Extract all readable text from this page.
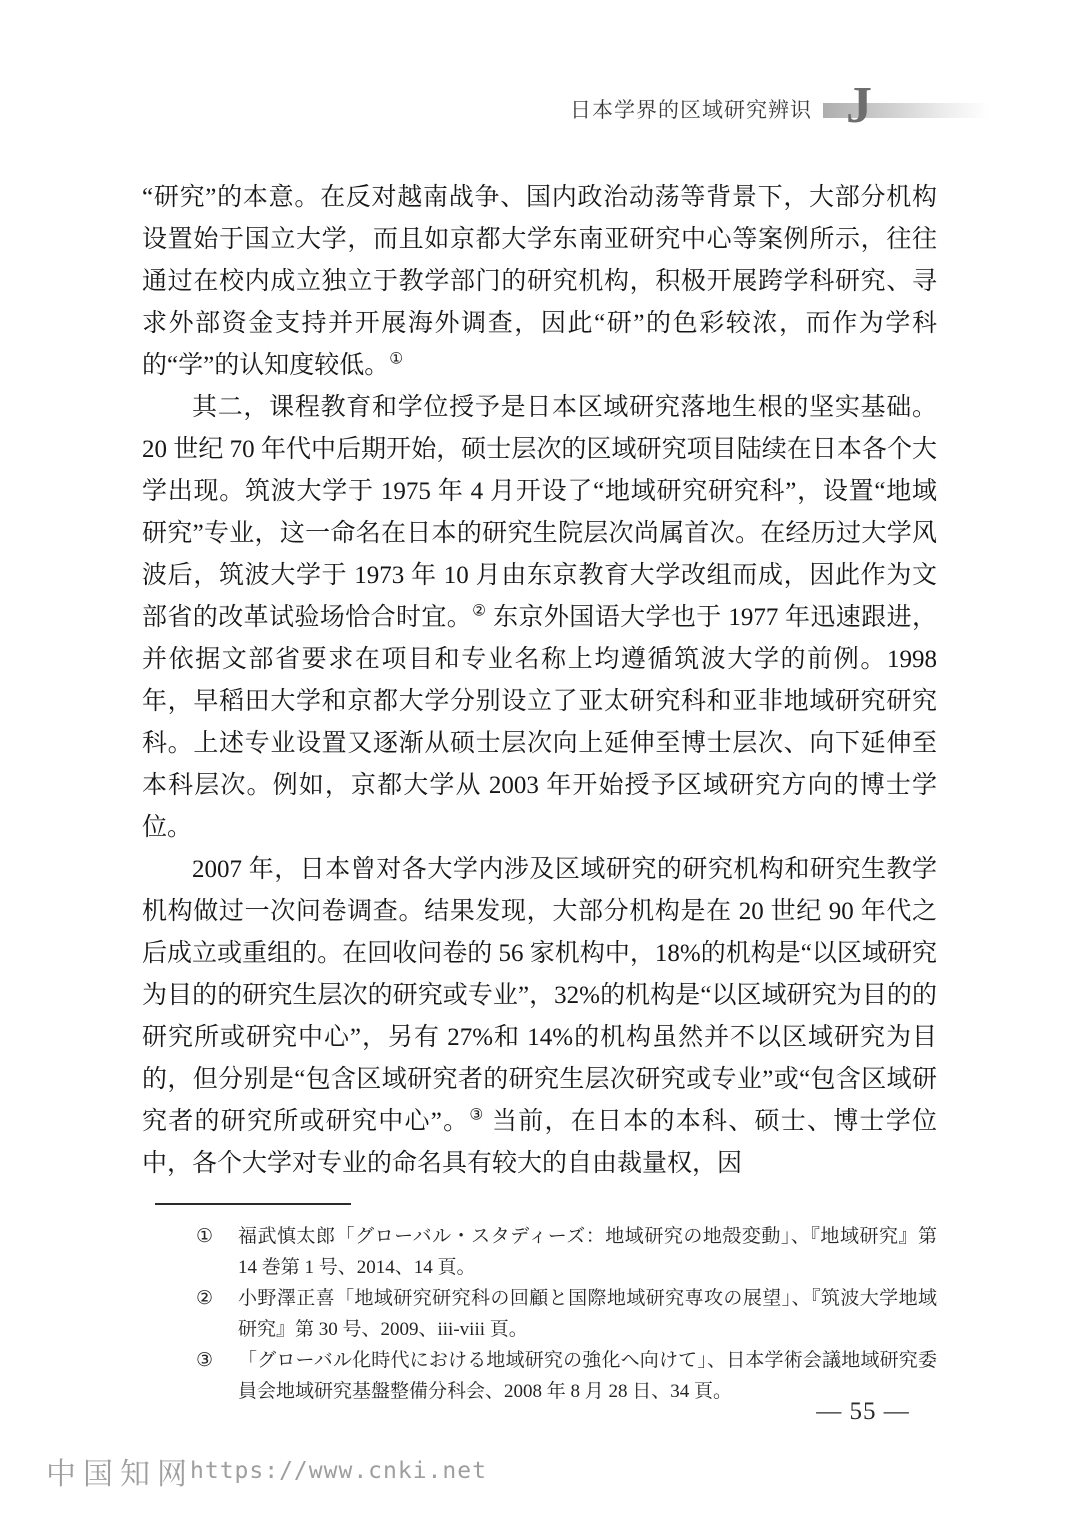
日本学界的区域研究辨识 J

“研究”的本意。在反对越南战争、国内政治动荡等背景下，大部分机构设置始于国立大学，而且如京都大学东南亚研究中心等案例所示，往往通过在校内成立独立于教学部门的研究机构，积极开展跨学科研究、寻求外部资金支持并开展海外调查，因此“研”的色彩较浓，而作为学科的“学”的认知度较低。①

其二，课程教育和学位授予是日本区域研究落地生根的坚实基础。20 世纪 70 年代中后期开始，硕士层次的区域研究项目陆续在日本各个大学出现。筑波大学于 1975 年 4 月开设了“地域研究研究科”，设置“地域研究”专业，这一命名在日本的研究生院层次尚属首次。在经历过大学风波后，筑波大学于 1973 年 10 月由东京教育大学改组而成，因此作为文部省的改革试验场恰合时宜。② 东京外国语大学也于 1977 年迅速跟进，并依据文部省要求在项目和专业名称上均遵循筑波大学的前例。1998 年，早稻田大学和京都大学分别设立了亚太研究科和亚非地域研究研究科。上述专业设置又逐渐从硕士层次向上延伸至博士层次、向下延伸至本科层次。例如，京都大学从 2003 年开始授予区域研究方向的博士学位。

2007 年，日本曾对各大学内涉及区域研究的研究机构和研究生教学机构做过一次问卷调查。结果发现，大部分机构是在 20 世纪 90 年代之后成立或重组的。在回收问卷的 56 家机构中，18%的机构是“以区域研究为目的的研究生层次的研究或专业”，32%的机构是“以区域研究为目的的研究所或研究中心”，另有 27%和 14%的机构虽然并不以区域研究为目的，但分别是“包含区域研究者的研究生层次研究或专业”或“包含区域研究者的研究所或研究中心”。③ 当前，在日本的本科、硕士、博士学位中，各个大学对专业的命名具有较大的自由裁量权，因

① 福武慎太郎「グローバル・スタディーズ：地域研究の地殻変動」、『地域研究』第 14 巻第 1 号、2014、14 頁。
② 小野澤正喜「地域研究研究科の回顧と国際地域研究専攻の展望」、『筑波大学地域研究』第 30 号、2009、iii-viii 頁。
③ 「グローバル化時代における地域研究の強化へ向けて」、日本学術会議地域研究委員会地域研究基盤整備分科会、2008 年 8 月 28 日、34 頁。
— 55 —
中国知网
https://www.cnki.net
